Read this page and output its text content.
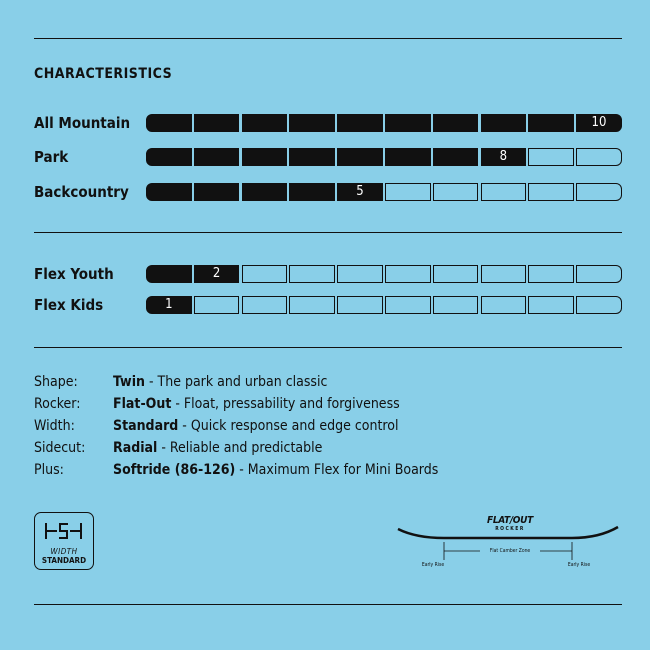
CHARACTERISTICS
All Mountain	10
Park	8
Backcountry	5
Flex Youth	2
Flex Kids	1
Shape:	Twin - The park and urban classic
Rocker: Flat-Out - Float, pressability and forgiveness
Width:	Standard - Quick response and edge control
Sidecut: Radial - Reliable and predictable
Plus:	Softride (86-126) - Maximum Flex for Mini Boards
WIDTH
STANDARD
FLAT/OUT
ROCKER
Flat Camber Zone
Early Rise	Early Rise
